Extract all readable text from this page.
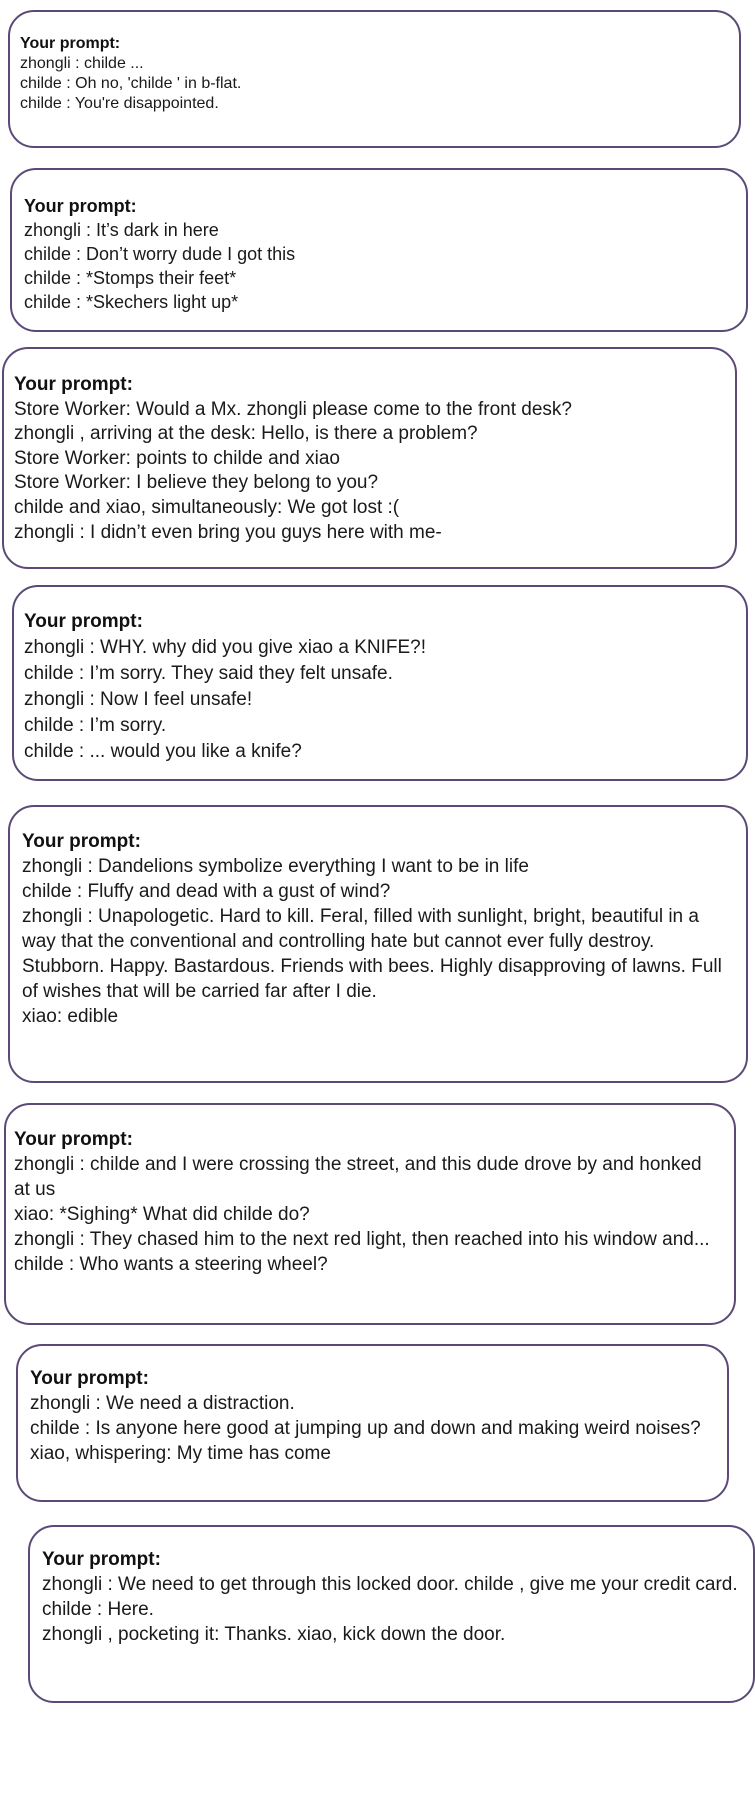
Your prompt:
zhongli : childe ...
childe : Oh no, 'childe ' in b-flat.
childe : You're disappointed.
Your prompt:
zhongli : It’s dark in here
childe : Don’t worry dude I got this
childe : *Stomps their feet*
childe : *Skechers light up*
Your prompt:
Store Worker: Would a Mx. zhongli please come to the front desk?
zhongli , arriving at the desk: Hello, is there a problem?
Store Worker: points to childe and xiao
Store Worker: I believe they belong to you?
childe and xiao, simultaneously: We got lost :(
zhongli : I didn’t even bring you guys here with me-
Your prompt:
zhongli : WHY. why did you give xiao a KNIFE?!
childe : I’m sorry. They said they felt unsafe.
zhongli : Now I feel unsafe!
childe : I’m sorry.
childe : ... would you like a knife?
Your prompt:
zhongli : Dandelions symbolize everything I want to be in life
childe : Fluffy and dead with a gust of wind?
zhongli : Unapologetic. Hard to kill. Feral, filled with sunlight, bright, beautiful in a way that the conventional and controlling hate but cannot ever fully destroy. Stubborn. Happy. Bastardous. Friends with bees. Highly disapproving of lawns. Full of wishes that will be carried far after I die.
xiao: edible
Your prompt:
zhongli : childe and I were crossing the street, and this dude drove by and honked at us
xiao: *Sighing* What did childe do?
zhongli : They chased him to the next red light, then reached into his window and...
childe : Who wants a steering wheel?
Your prompt:
zhongli : We need a distraction.
childe : Is anyone here good at jumping up and down and making weird noises?
xiao, whispering: My time has come
Your prompt:
zhongli : We need to get through this locked door. childe , give me your credit card.
childe : Here.
zhongli , pocketing it: Thanks. xiao, kick down the door.
